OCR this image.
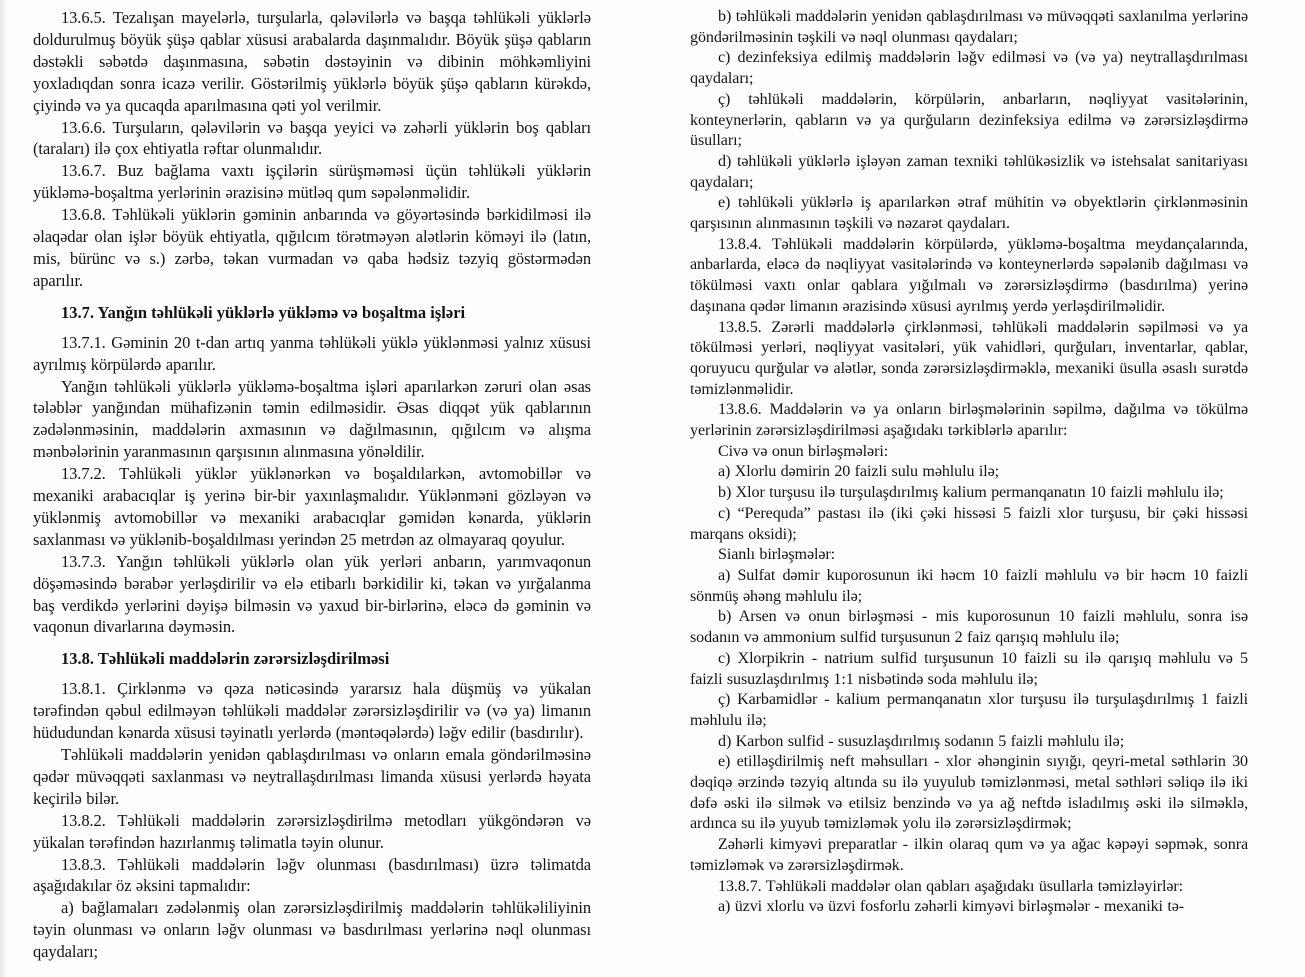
13.6.5. Tezalışan mayelərlə, turşularla, qələvilərlə və başqa təhlükəli yüklərlə doldurulmuş böyük şüşə qablar xüsusi arabalarda daşınmalıdır. Böyük şüşə qabların dəstəkli səbətdə daşınmasına, səbətin dəstəyinin və dibinin möhkəmliyini yoxladıqdan sonra icazə verilir. Göstərilmiş yüklərlə böyük şüşə qabların kürəkdə, çiyində və ya qucaqda aparılmasına qəti yol verilmir.

13.6.6. Turşuların, qələvilərin və başqa yeyici və zəhərli yüklərin boş qabları (taraları) ilə çox ehtiyatla rəftar olunmalıdır.

13.6.7. Buz bağlama vaxtı işçilərin sürüşməməsi üçün təhlükəli yüklərin yükləmə-boşaltma yerlərinin ərazisinə mütləq qum səpələnməlidir.

13.6.8. Təhlükəli yüklərin gəminin anbarında və göyərtəsində bərkidilməsi ilə əlaqədar olan işlər böyük ehtiyatla, qığılcım törətməyən alətlərin köməyi ilə (latın, mis, bürünc və s.) zərbə, təkan vurmadan və qaba hədsiz təzyiq göstərmədən aparılır.

13.7. Yanğın təhlükəli yüklərlə yükləmə və boşaltma işləri

13.7.1. Gəminin 20 t-dan artıq yanma təhlükəli yüklə yüklənməsi yalnız xüsusi ayrılmış körpülərdə aparılır.

Yanğın təhlükəli yüklərlə yükləmə-boşaltma işləri aparılarkən zəruri olan əsas tələblər yanğından mühafizənin təmin edilməsidir. Əsas diqqət yük qablarının zədələnməsinin, maddələrin axmasının və dağılmasının, qığılcım və alışma mənbələrinin yaranmasının qarşısının alınmasına yönəldilir.

13.7.2. Təhlükəli yüklər yüklənərkən və boşaldılarkən, avtomobillər və mexaniki arabacıqlar iş yerinə bir-bir yaxınlaşmalıdır. Yüklənməni gözləyən və yüklənmiş avtomobillər və mexaniki arabacıqlar gəmidən kənarda, yüklərin saxlanması və yüklənib-boşaldılması yerindən 25 metrdən az olmayaraq qoyulur.

13.7.3. Yanğın təhlükəli yüklərlə olan yük yerləri anbarın, yarımvaqonun döşəməsində bərabər yerləşdirilir və elə etibarlı bərkidilir ki, təkan və yırğalanma baş verdikdə yerlərini dəyişə bilməsin və yaxud bir-birlərinə, eləcə də gəminin və vaqonun divarlarına dəyməsin.

13.8. Təhlükəli maddələrin zərərsizləşdirilməsi

13.8.1. Çirklənmə və qəza nəticəsində yararsız hala düşmüş və yükalan tərəfindən qəbul edilməyən təhlükəli maddələr zərərsizləşdirilir və (və ya) limanın hüdudundan kənarda xüsusi təyinatlı yerlərdə (məntəqələrdə) ləğv edilir (basdırılır).

Təhlükəli maddələrin yenidən qablaşdırılması və onların emala göndərilməsinə qədər müvəqqəti saxlanması və neytrallaşdırılması limanda xüsusi yerlərdə həyata keçirilə bilər.

13.8.2. Təhlükəli maddələrin zərərsizləşdirilmə metodları yükgöndərən və yükalan tərəfindən hazırlanmış təlimatla təyin olunur.

13.8.3. Təhlükəli maddələrin ləğv olunması (basdırılması) üzrə təlimatda aşağıdakılar öz əksini tapmalıdır:

a) bağlamaları zədələnmiş olan zərərsizləşdirilmiş maddələrin təhlükəliliyinin təyin olunması və onların ləğv olunması və basdırılması yerlərinə nəql olunması qaydaları;

b) təhlükəli maddələrin yenidən qablaşdırılması və müvəqqəti saxlanılma yerlərinə göndərilməsinin təşkili və nəql olunması qaydaları;

c) dezinfeksiya edilmiş maddələrin ləğv edilməsi və (və ya) neytrallaşdırılması qaydaları;

ç) təhlükəli maddələrin, körpülərin, anbarların, nəqliyyat vasitələrinin, konteynerlərin, qabların və ya qurğuların dezinfeksiya edilmə və zərərsizləşdirmə üsulları;

d) təhlükəli yüklərlə işləyən zaman texniki təhlükəsizlik və istehsalat sanitariyası qaydaları;

e) təhlükəli yüklərlə iş aparılarkən ətraf mühitin və obyektlərin çirklənməsinin qarşısının alınmasının təşkili və nəzarət qaydaları.

13.8.4. Təhlükəli maddələrin körpülərdə, yükləmə-boşaltma meydançalarında, anbarlarda, eləcə də nəqliyyat vasitələrində və konteynerlərdə səpələnib dağılması və tökülməsi vaxtı onlar qablara yığılmalı və zərərsizləşdirmə (basdırılma) yerinə daşınana qədər limanın ərazisində xüsusi ayrılmış yerdə yerləşdirilməlidir.

13.8.5. Zərərli maddələrlə çirklənməsi, təhlükəli maddələrin səpilməsi və ya tökülməsi yerləri, nəqliyyat vasitələri, yük vahidləri, qurğuları, inventarlar, qablar, qoruyucu qurğular və alətlər, sonda zərərsizləşdirməklə, mexaniki üsulla əsaslı surətdə təmizlənməlidir.

13.8.6. Maddələrin və ya onların birləşmələrinin səpilmə, dağılma və tökülmə yerlərinin zərərsizləşdirilməsi aşağıdakı tərkiblərlə aparılır:

Civə və onun birləşmələri:

a) Xlorlu dəmirin 20 faizli sulu məhlulu ilə;

b) Xlor turşusu ilə turşulaşdırılmış kalium permanqanatın 10 faizli məhlulu ilə;

c) “Perequda” pastası ilə (iki çəki hissəsi 5 faizli xlor turşusu, bir çəki hissəsi marqans oksidi);

Sianlı birləşmələr:

a) Sulfat dəmir kuporosunun iki həcm 10 faizli məhlulu və bir həcm 10 faizli sönmüş əhəng məhlulu ilə;

b) Arsen və onun birləşməsi - mis kuporosunun 10 faizli məhlulu, sonra isə sodanın və ammonium sulfid turşusunun 2 faiz qarışıq məhlulu ilə;

c) Xlorpikrin - natrium sulfid turşusunun 10 faizli su ilə qarışıq məhlulu və 5 faizli susuzlaşdırılmış 1:1 nisbətində soda məhlulu ilə;

ç) Karbamidlər - kalium permanqanatın xlor turşusu ilə turşulaşdırılmış 1 faizli məhlulu ilə;

d) Karbon sulfid - susuzlaşdırılmış sodanın 5 faizli məhlulu ilə;

e) etilləşdirilmiş neft məhsulları - xlor əhənginin sıyığı, qeyri-metal səthlərin 30 dəqiqə ərzində təzyiq altında su ilə yuyulub təmizlənməsi, metal səthləri səliqə ilə iki dəfə əski ilə silmək və etilsiz benzində və ya ağ neftdə isladılmış əski ilə silməklə, ardınca su ilə yuyub təmizləmək yolu ilə zərərsizləşdirmək;

Zəhərli kimyəvi preparatlar - ilkin olaraq qum və ya ağac kəpəyi səpmək, sonra təmizləmək və zərərsizləşdirmək.

13.8.7. Təhlükəli maddələr olan qabları aşağıdakı üsullarla təmizləyirlər:

a) üzvi xlorlu və üzvi fosforlu zəhərli kimyəvi birləşmələr - mexaniki tə-
